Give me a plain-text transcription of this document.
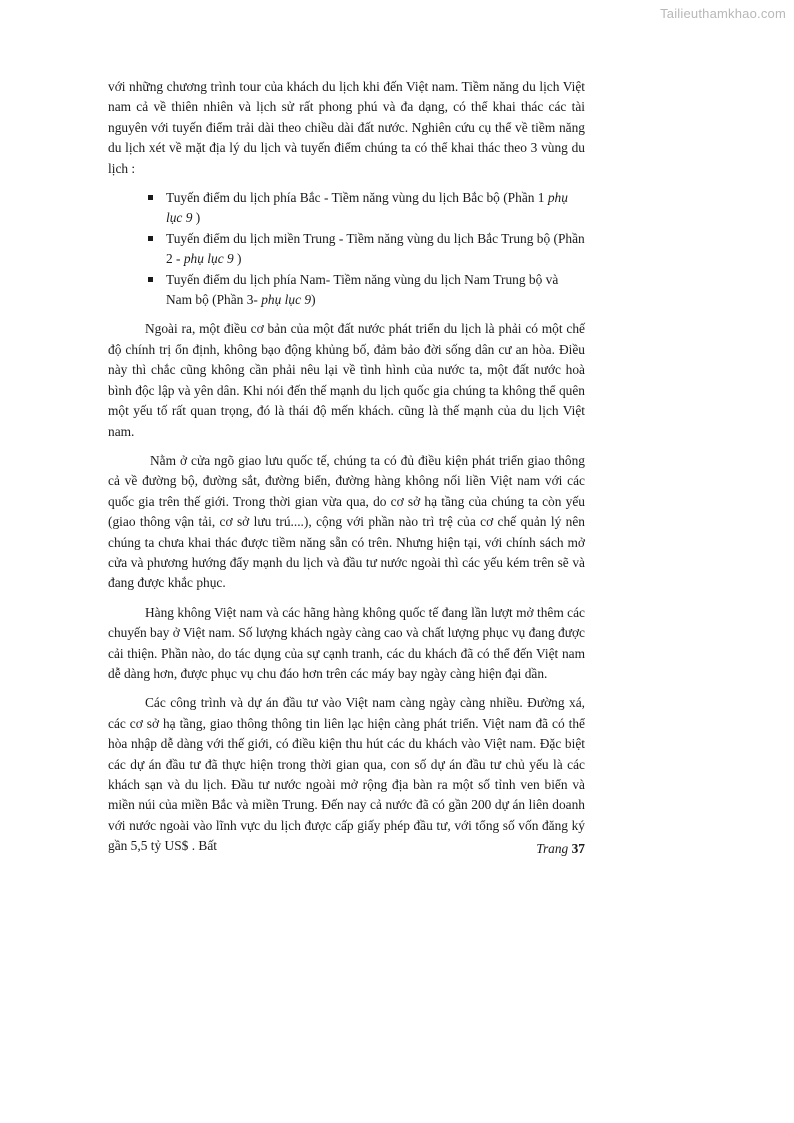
Tailieuthamkhao.com

với những chương trình tour của khách du lịch khi đến Việt nam. Tiềm năng du lịch Việt nam cả về thiên nhiên và lịch sử rất phong phú và đa dạng, có thể khai thác các tài nguyên với tuyến điểm trải dài theo chiều dài đất nước. Nghiên cứu cụ thể về tiềm năng du lịch xét về mặt địa lý du lịch và tuyến điểm chúng ta có thể khai thác theo 3 vùng du lịch :

Tuyến điểm du lịch phía Bắc - Tiềm năng vùng du lịch Bắc bộ (Phần 1 phụ lục 9 )
Tuyến điểm du lịch miền Trung - Tiềm năng vùng du lịch Bắc Trung bộ (Phần 2 - phụ lục 9 )
Tuyến điểm du lịch phía Nam- Tiềm năng vùng du lịch Nam Trung bộ và Nam bộ (Phần 3- phụ lục 9)

Ngoài ra, một điều cơ bản của một đất nước phát triển du lịch là phải có một chế độ chính trị ổn định, không bạo động khủng bố, đảm bảo đời sống dân cư an hòa. Điều này thì chắc cũng không cần phải nêu lại về tình hình của nước ta, một đất nước hoà bình độc lập và yên dân. Khi nói đến thế mạnh du lịch quốc gia chúng ta không thể quên một yếu tố rất quan trọng, đó là thái độ mến khách. cũng là thế mạnh của du lịch Việt nam.

Nằm ở cửa ngõ giao lưu quốc tế, chúng ta có đủ điều kiện phát triển giao thông cả về đường bộ, đường sắt, đường biển, đường hàng không nối liền Việt nam với các quốc gia trên thế giới. Trong thời gian vừa qua, do cơ sở hạ tầng của chúng ta còn yếu (giao thông vận tải, cơ sở lưu trú....), cộng với phần nào trì trệ của cơ chế quản lý nên chúng ta chưa khai thác được tiềm năng sẵn có trên. Nhưng hiện tại, với chính sách mở cửa và phương hướng đẩy mạnh du lịch và đầu tư nước ngoài thì các yếu kém trên sẽ và đang được khắc phục.

Hàng không Việt nam và các hãng hàng không quốc tế đang lần lượt mở thêm các chuyến bay ở Việt nam. Số lượng khách ngày càng cao và chất lượng phục vụ đang được cải thiện. Phần nào, do tác dụng của sự cạnh tranh, các du khách đã có thể đến Việt nam dễ dàng hơn, được phục vụ chu đáo hơn trên các máy bay ngày càng hiện đại dần.

Các công trình và dự án đầu tư vào Việt nam càng ngày càng nhiều. Đường xá, các cơ sở hạ tầng, giao thông thông tin liên lạc hiện càng phát triển. Việt nam đã có thể hòa nhập dễ dàng với thế giới, có điều kiện thu hút các du khách vào Việt nam. Đặc biệt các dự án đầu tư đã thực hiện trong thời gian qua, con số dự án đầu tư chủ yếu là các khách sạn và du lịch. Đầu tư nước ngoài mở rộng địa bàn ra một số tỉnh ven biển và miền núi của miền Bắc và miền Trung. Đến nay cả nước đã có gần 200 dự án liên doanh với nước ngoài vào lĩnh vực du lịch được cấp giấy phép đầu tư, với tổng số vốn đăng ký gần 5,5 tỷ US$ . Bất	Trang 37
